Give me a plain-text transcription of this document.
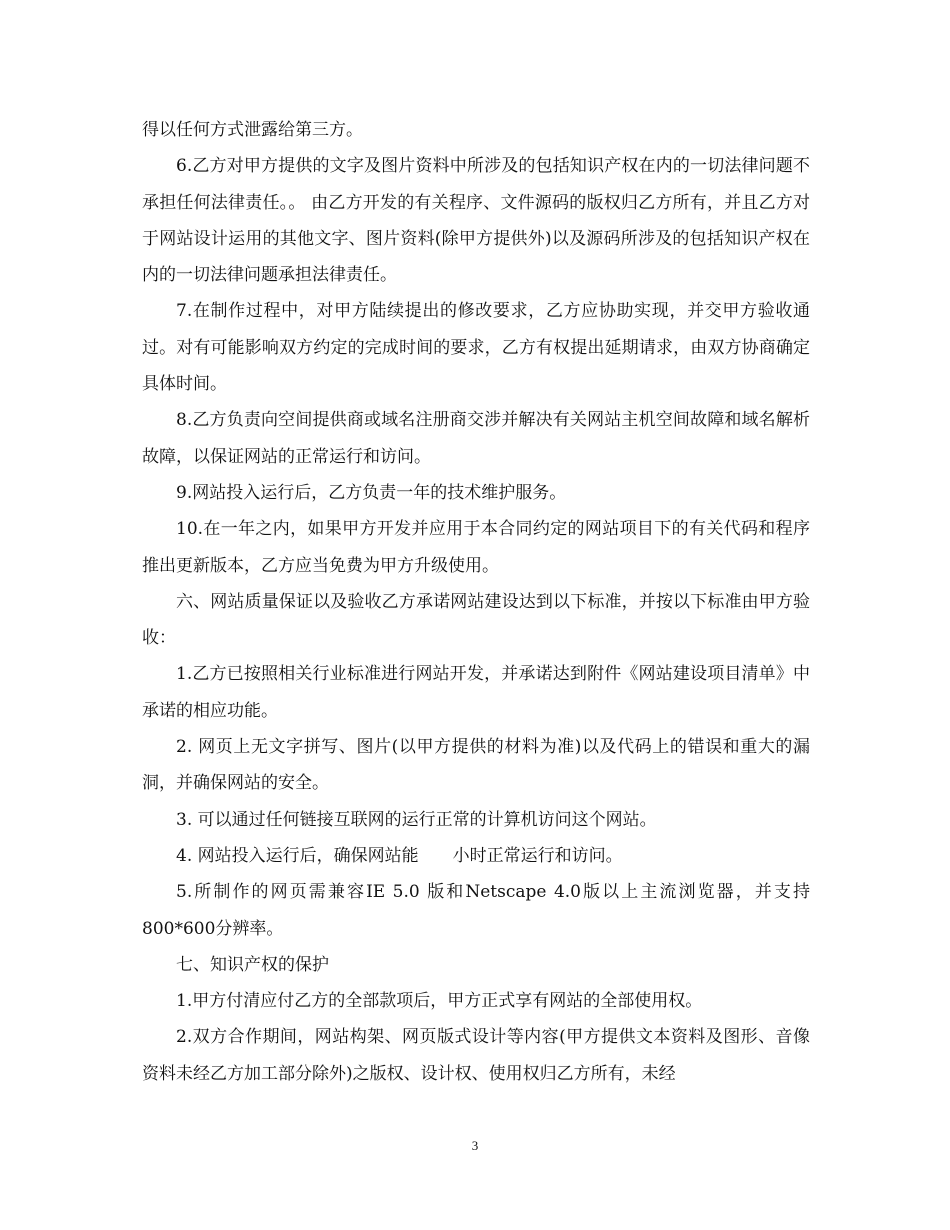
得以任何方式泄露给第三方。

6.乙方对甲方提供的文字及图片资料中所涉及的包括知识产权在内的一切法律问题不承担任何法律责任。。 由乙方开发的有关程序、文件源码的版权归乙方所有，并且乙方对于网站设计运用的其他文字、图片资料(除甲方提供外)以及源码所涉及的包括知识产权在内的一切法律问题承担法律责任。

7.在制作过程中，对甲方陆续提出的修改要求，乙方应协助实现，并交甲方验收通过。对有可能影响双方约定的完成时间的要求，乙方有权提出延期请求，由双方协商确定具体时间。

8.乙方负责向空间提供商或域名注册商交涉并解决有关网站主机空间故障和域名解析故障，以保证网站的正常运行和访问。

9.网站投入运行后，乙方负责一年的技术维护服务。

10.在一年之内，如果甲方开发并应用于本合同约定的网站项目下的有关代码和程序推出更新版本，乙方应当免费为甲方升级使用。

六、网站质量保证以及验收乙方承诺网站建设达到以下标准，并按以下标准由甲方验收：

1.乙方已按照相关行业标准进行网站开发，并承诺达到附件《网站建设项目清单》中承诺的相应功能。

2. 网页上无文字拼写、图片(以甲方提供的材料为准)以及代码上的错误和重大的漏洞，并确保网站的安全。

3. 可以通过任何链接互联网的运行正常的计算机访问这个网站。

4. 网站投入运行后，确保网站能　　小时正常运行和访问。

5.所制作的网页需兼容IE 5.0 版和Netscape 4.0版以上主流浏览器，并支持800*600分辨率。

七、知识产权的保护

1.甲方付清应付乙方的全部款项后，甲方正式享有网站的全部使用权。

2.双方合作期间，网站构架、网页版式设计等内容(甲方提供文本资料及图形、音像资料未经乙方加工部分除外)之版权、设计权、使用权归乙方所有，未经

3
